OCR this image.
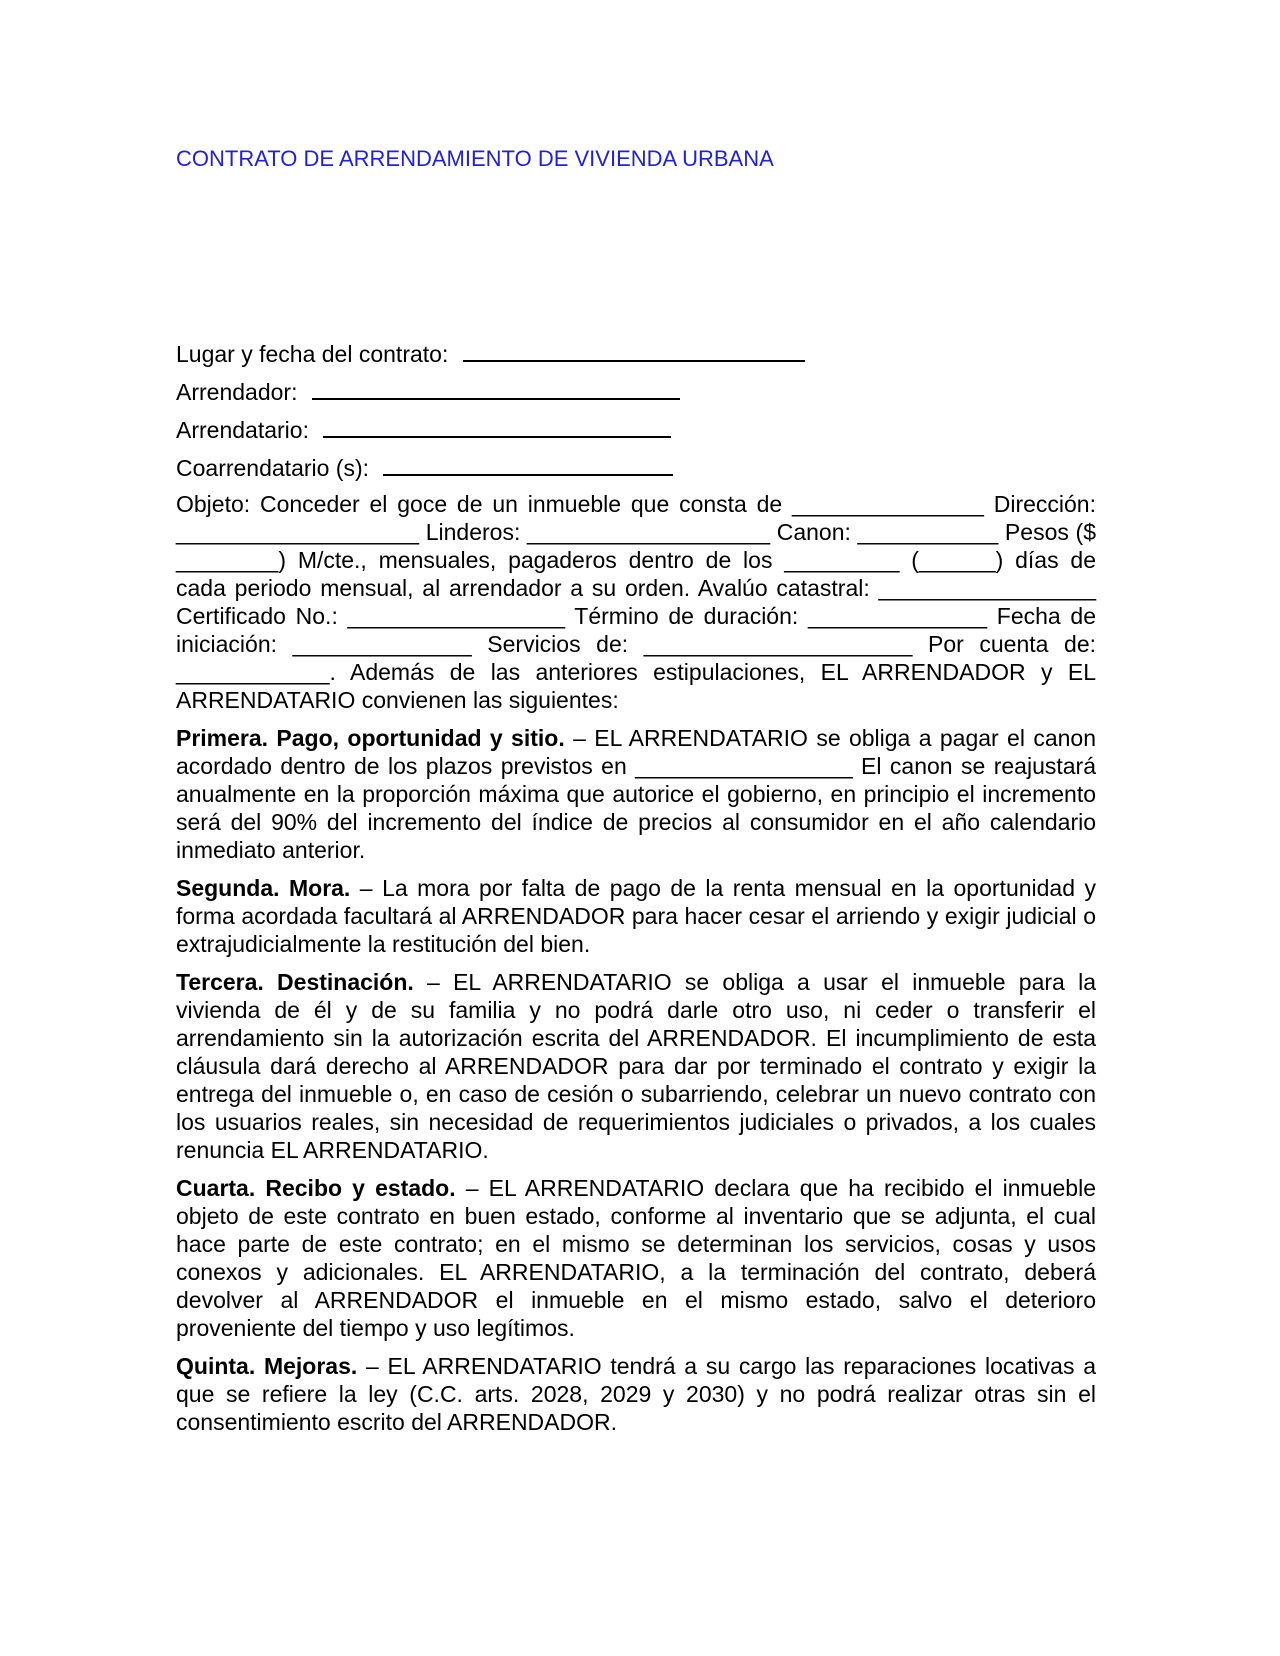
CONTRATO DE ARRENDAMIENTO DE VIVIENDA URBANA
Lugar y fecha del contrato:
Arrendador:
Arrendatario:
Coarrendatario (s):

Objeto: Conceder el goce de un inmueble que consta de _______________ Dirección: ___________________ Linderos: ___________________ Canon: ___________ Pesos ($ ________) M/cte., mensuales, pagaderos dentro de los _________ (______) días de cada periodo mensual, al arrendador a su orden. Avalúo catastral: _________________ Certificado No.: _________________ Término de duración: ______________ Fecha de iniciación: ______________ Servicios de: _____________________ Por cuenta de: ____________. Además de las anteriores estipulaciones, EL ARRENDADOR y EL ARRENDATARIO convienen las siguientes:

Primera. Pago, oportunidad y sitio. – EL ARRENDATARIO se obliga a pagar el canon acordado dentro de los plazos previstos en _________________ El canon se reajustará anualmente en la proporción máxima que autorice el gobierno, en principio el incremento será del 90% del incremento del índice de precios al consumidor en el año calendario inmediato anterior.

Segunda. Mora. – La mora por falta de pago de la renta mensual en la oportunidad y forma acordada facultará al ARRENDADOR para hacer cesar el arriendo y exigir judicial o extrajudicialmente la restitución del bien.

Tercera. Destinación. – EL ARRENDATARIO se obliga a usar el inmueble para la vivienda de él y de su familia y no podrá darle otro uso, ni ceder o transferir el arrendamiento sin la autorización escrita del ARRENDADOR. El incumplimiento de esta cláusula dará derecho al ARRENDADOR para dar por terminado el contrato y exigir la entrega del inmueble o, en caso de cesión o subarriendo, celebrar un nuevo contrato con los usuarios reales, sin necesidad de requerimientos judiciales o privados, a los cuales renuncia EL ARRENDATARIO.

Cuarta. Recibo y estado. – EL ARRENDATARIO declara que ha recibido el inmueble objeto de este contrato en buen estado, conforme al inventario que se adjunta, el cual hace parte de este contrato; en el mismo se determinan los servicios, cosas y usos conexos y adicionales. EL ARRENDATARIO, a la terminación del contrato, deberá devolver al ARRENDADOR el inmueble en el mismo estado, salvo el deterioro proveniente del tiempo y uso legítimos.

Quinta. Mejoras. – EL ARRENDATARIO tendrá a su cargo las reparaciones locativas a que se refiere la ley (C.C. arts. 2028, 2029 y 2030) y no podrá realizar otras sin el consentimiento escrito del ARRENDADOR.
